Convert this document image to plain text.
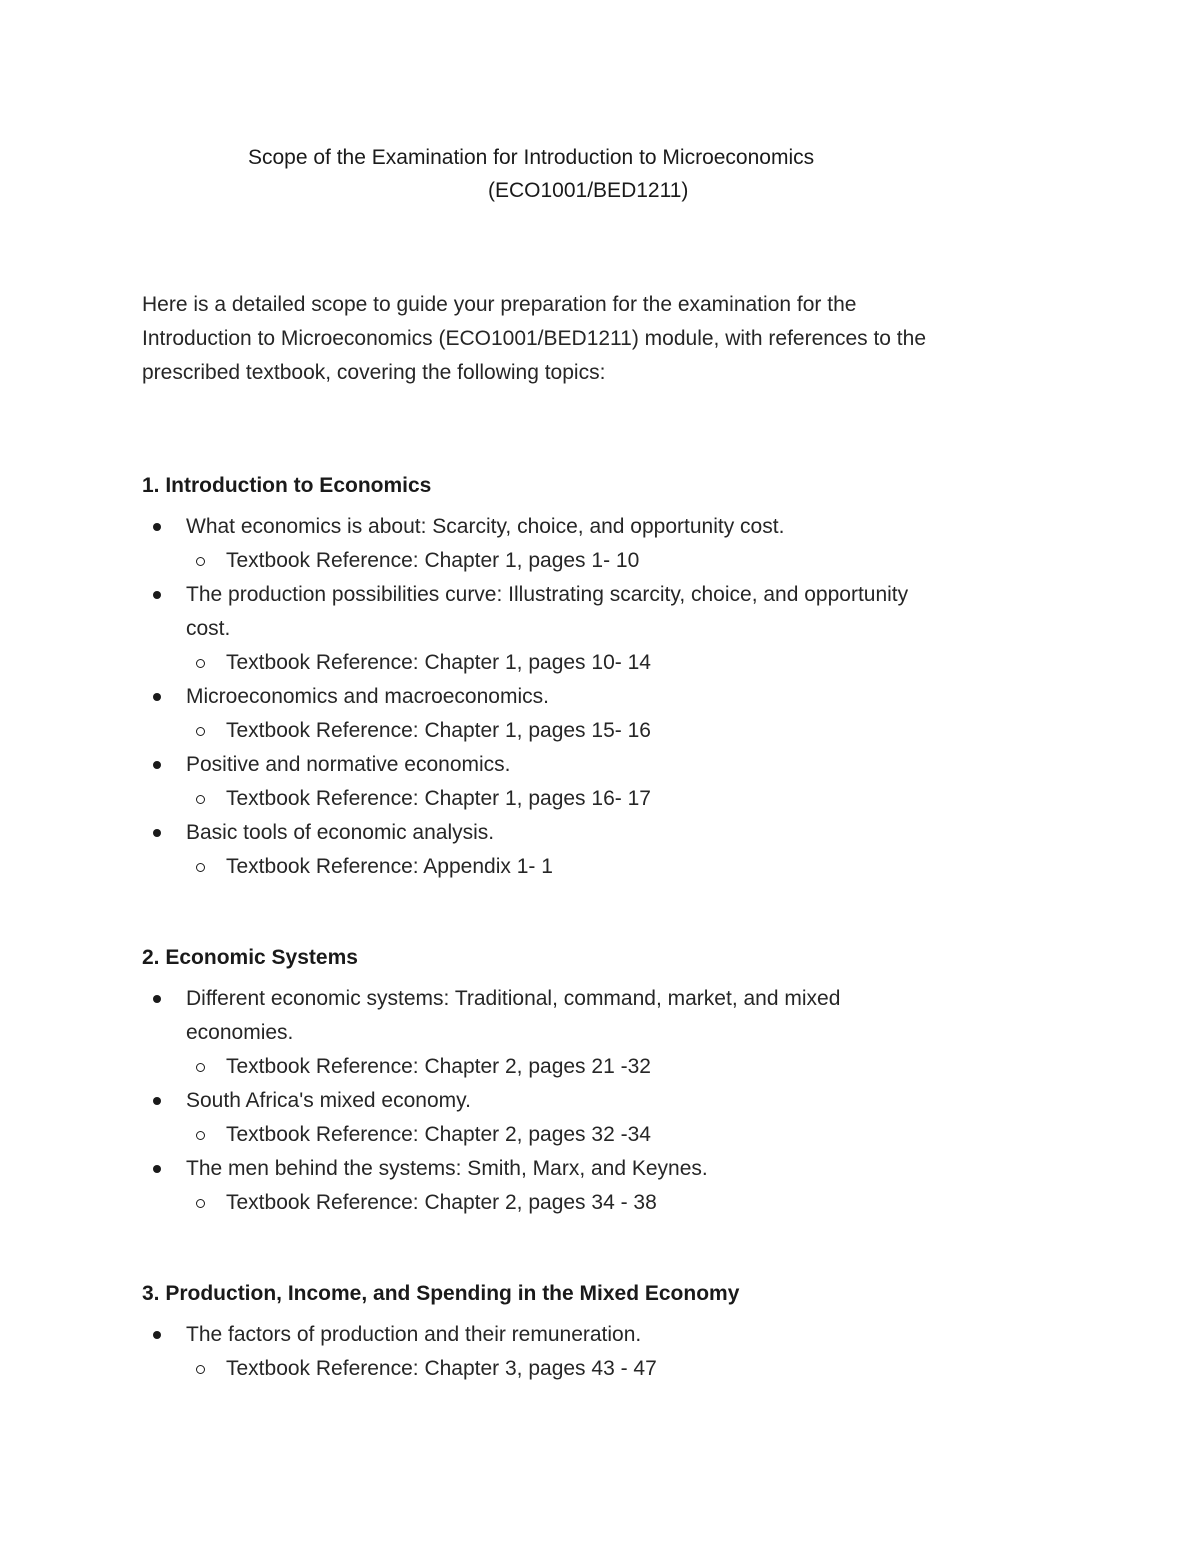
Scope of the Examination for Introduction to Microeconomics
(ECO1001/BED1211)
Here is a detailed scope to guide your preparation for the examination for the
Introduction to Microeconomics (ECO1001/BED1211) module, with references to the
prescribed textbook, covering the following topics:
1. Introduction to Economics
What economics is about: Scarcity, choice, and opportunity cost.
Textbook Reference: Chapter 1, pages 1- 10
The production possibilities curve: Illustrating scarcity, choice, and opportunity
cost.
Textbook Reference: Chapter 1, pages 10- 14
Microeconomics and macroeconomics.
Textbook Reference: Chapter 1, pages 15- 16
Positive and normative economics.
Textbook Reference: Chapter 1, pages 16- 17
Basic tools of economic analysis.
Textbook Reference: Appendix 1- 1
2. Economic Systems
Different economic systems: Traditional, command, market, and mixed
economies.
Textbook Reference: Chapter 2, pages 21 -32
South Africa's mixed economy.
Textbook Reference: Chapter 2, pages 32 -34
The men behind the systems: Smith, Marx, and Keynes.
Textbook Reference: Chapter 2, pages 34 - 38
3. Production, Income, and Spending in the Mixed Economy
The factors of production and their remuneration.
Textbook Reference: Chapter 3, pages 43 - 47
